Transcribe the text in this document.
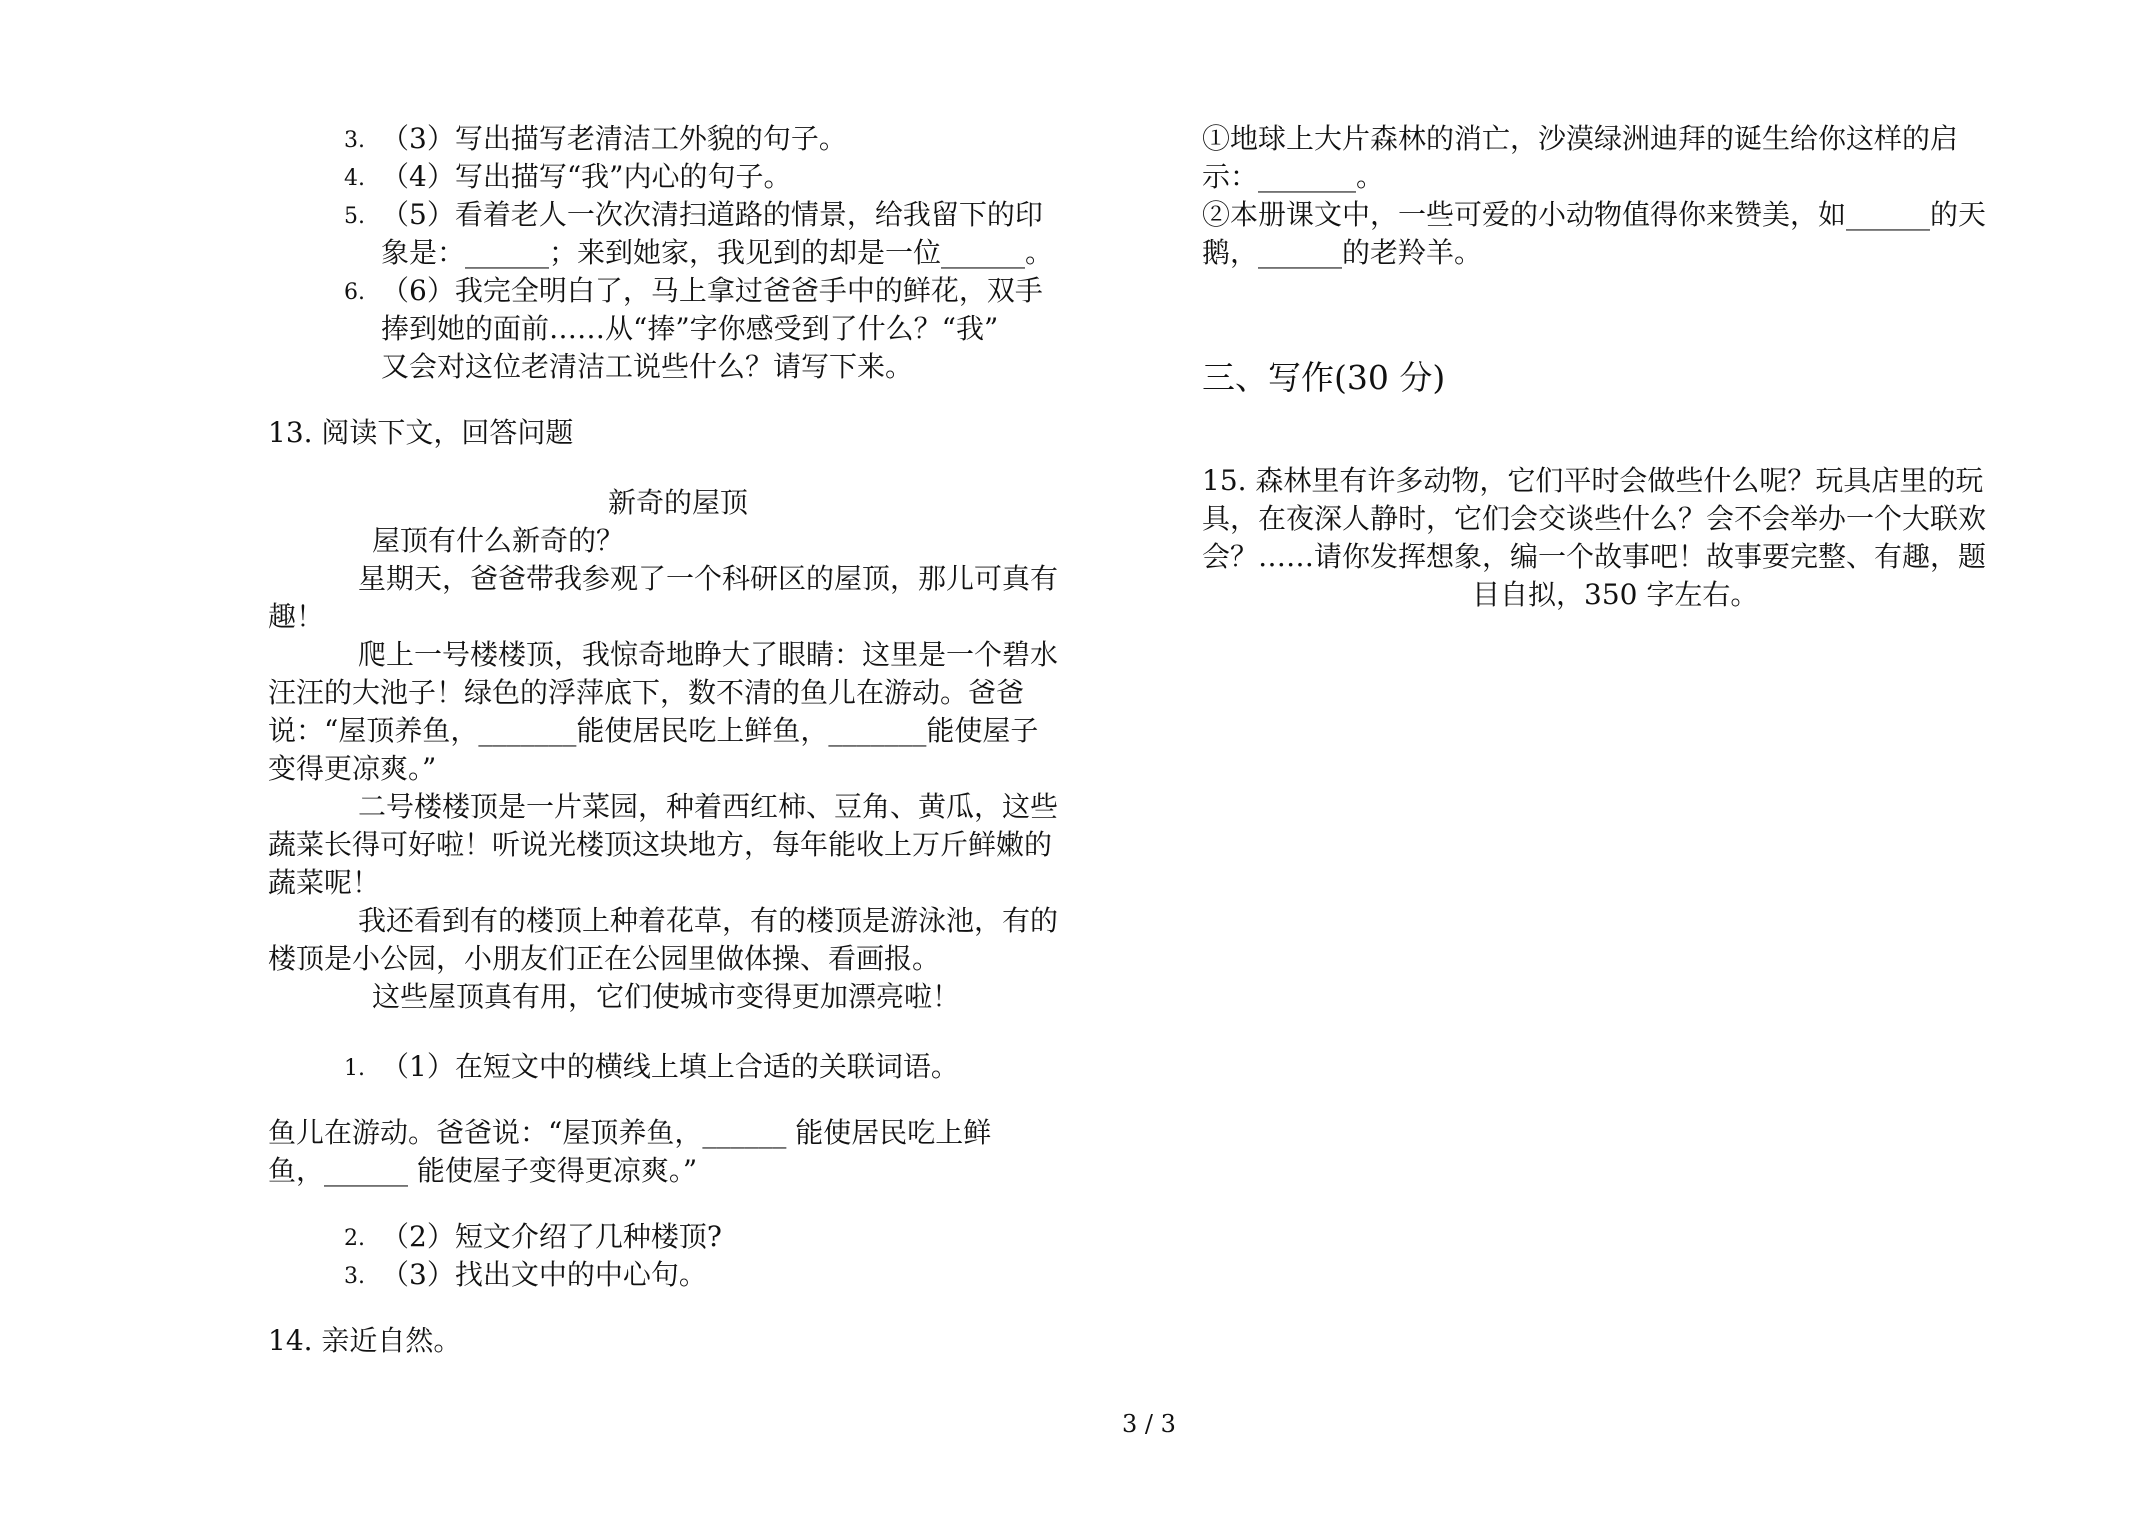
3. （3）写出描写老清洁工外貌的句子。
4. （4）写出描写“我”内心的句子。
5. （5）看着老人一次次清扫道路的情景，给我留下的印
象是：______；来到她家，我见到的却是一位______。
6. （6）我完全明白了，马上拿过爸爸手中的鲜花，双手
捧到她的面前……从“捧”字你感受到了什么？“我”
又会对这位老清洁工说些什么？请写下来。
13. 阅读下文，回答问题
新奇的屋顶
屋顶有什么新奇的？
星期天，爸爸带我参观了一个科研区的屋顶，那儿可真有
趣！
爬上一号楼楼顶，我惊奇地睁大了眼睛：这里是一个碧水
汪汪的大池子！绿色的浮萍底下，数不清的鱼儿在游动。爸爸
说：“屋顶养鱼，_______能使居民吃上鲜鱼，_______能使屋子
变得更凉爽。”
二号楼楼顶是一片菜园，种着西红柿、豆角、黄瓜，这些
蔬菜长得可好啦！听说光楼顶这块地方，每年能收上万斤鲜嫩的
蔬菜呢！
我还看到有的楼顶上种着花草，有的楼顶是游泳池，有的
楼顶是小公园，小朋友们正在公园里做体操、看画报。
这些屋顶真有用，它们使城市变得更加漂亮啦！
1. （1）在短文中的横线上填上合适的关联词语。
鱼儿在游动。爸爸说：“屋顶养鱼，______ 能使居民吃上鲜
鱼，______ 能使屋子变得更凉爽。”
2. （2）短文介绍了几种楼顶?
3. （3）找出文中的中心句。
14. 亲近自然。
①地球上大片森林的消亡，沙漠绿洲迪拜的诞生给你这样的启
示：_______。
②本册课文中，一些可爱的小动物值得你来赞美，如______的天
鹅，______的老羚羊。
三、写作(30 分)
15. 森林里有许多动物，它们平时会做些什么呢？玩具店里的玩
具，在夜深人静时，它们会交谈些什么？会不会举办一个大联欢
会？……请你发挥想象，编一个故事吧！故事要完整、有趣，题
目自拟，350 字左右。
3 / 3
